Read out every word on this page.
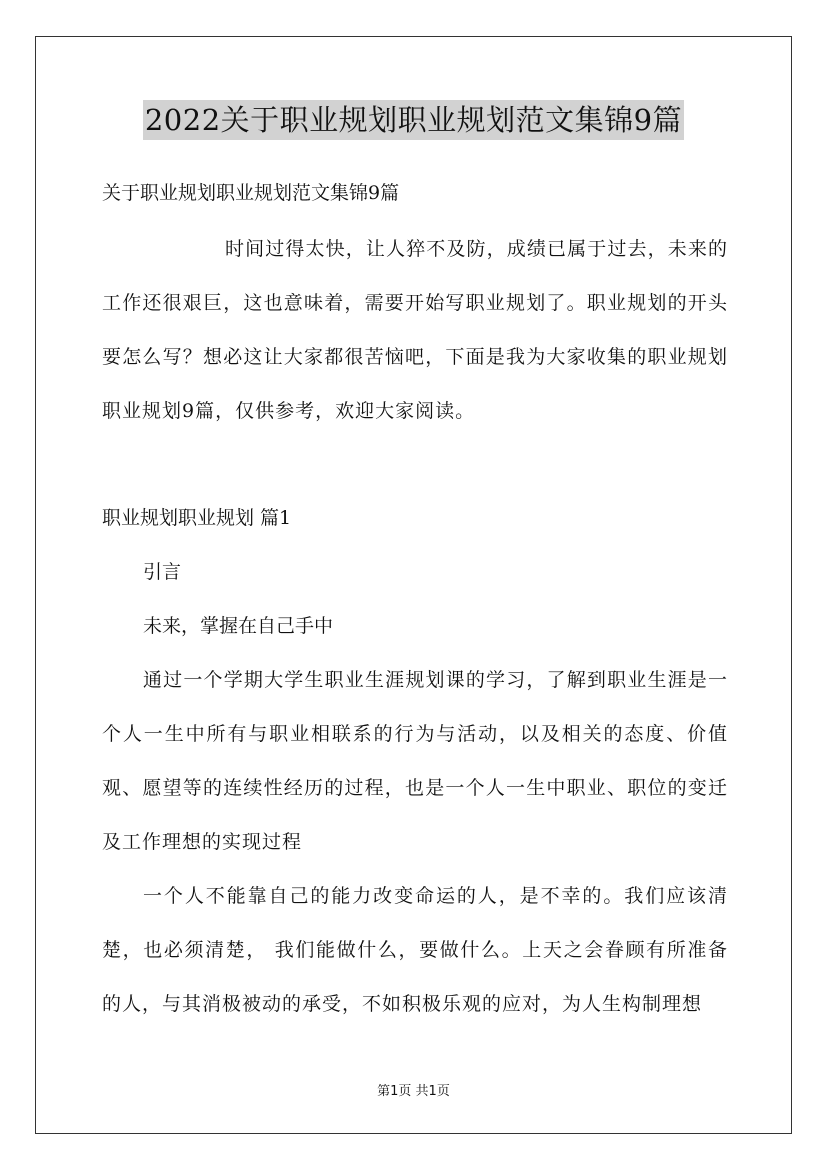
2022关于职业规划职业规划范文集锦9篇
关于职业规划职业规划范文集锦9篇

时间过得太快，让人猝不及防，成绩已属于过去，未来的工作还很艰巨，这也意味着，需要开始写职业规划了。职业规划的开头要怎么写？想必这让大家都很苦恼吧，下面是我为大家收集的职业规划职业规划9篇，仅供参考，欢迎大家阅读。

职业规划职业规划 篇1
引言
未来，掌握在自己手中

通过一个学期大学生职业生涯规划课的学习，了解到职业生涯是一个人一生中所有与职业相联系的行为与活动，以及相关的态度、价值观、愿望等的连续性经历的过程，也是一个人一生中职业、职位的变迁及工作理想的实现过程

一个人不能靠自己的能力改变命运的人，是不幸的。我们应该清楚，也必须清楚， 我们能做什么，要做什么。上天之会眷顾有所准备的人，与其消极被动的承受，不如积极乐观的应对，为人生构制理想

第1页 共1页
